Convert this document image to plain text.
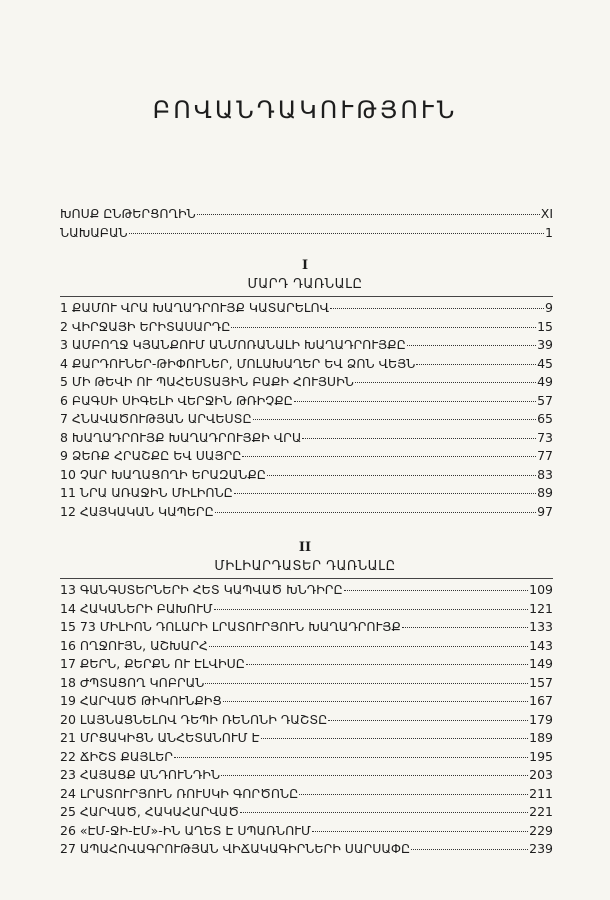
ԲՈՎԱՆԴԱԿՈՒԹՅՈՒՆ
ԽՈՍՔ ԸՆԹԵՐՑՈՂԻՆ	XI
ՆԱԽԱԲԱՆ	1
I
ՄԱՐԴ ԴԱՌՆԱԼԸ
1 ՔԱՄՈՒ ՎՐԱ ԽԱՂԱԴՐՈՒՅՔ ԿԱՏԱՐԵԼՈՎ	9
2 ՎԻՐՋԱՅԻ ԵՐԻՏԱՍԱՐԴԸ	15
3 ԱՄԲՈՂՋ ԿՅԱՆՔՈՒՄ ԱՆՄՈՌԱՆԱԼԻ ԽԱՂԱԴՐՈՒՅՔԸ	39
4 ՔԱՐԴՈՒՆԵՐ-ԹԻՓՈՒՆԵՐ, ՄՈԼԱԽԱՂԵՐ ԵՎ ՁՈՆ ՎԵՅՆ	45
5 ՄԻ ԹԵՎԻ ՈՒ ՊԱՀԵՍՏԱՅԻՆ ԲԱՔԻ ՀՈՒՅՍԻՆ	49
6 ԲԱԳՍԻ ՍԻԳԵԼԻ ՎԵՐՋԻՆ ԹՌԻՉՔԸ	57
7 ՀՆԱՎԱԾՈՒԹՅԱՆ ԱՐՎԵՍՏԸ	65
8 ԽԱՂԱԴՐՈՒՅՔ ԽԱՂԱԴՐՈՒՅՔԻ ՎՐԱ	73
9 ՁԵՌՔ ՀՐԱՇՔԸ ԵՎ ՍԱՅՐԸ	77
10 ՉԱՐ ԽԱՂԱՑՈՂԻ ԵՐԱԶԱՆՔԸ	83
11 ՆՐԱ ԱՌԱՋԻՆ ՄԻԼԻՈՆԸ	89
12 ՀԱՅԿԱԿԱՆ ԿԱՊԵՐԸ	97
II
ՄԻԼԻԱՐԴԱՏԵՐ ԴԱՌՆԱԼԸ
13 ԳԱՆԳՍՏԵՐՆԵՐԻ ՀԵՏ ԿԱՊՎԱԾ ԽՆԴԻՐԸ	109
14 ՀԱԿԱՆԵՐԻ ԲԱԽՈՒՄ	121
15 73 ՄԻԼԻՈՆ ԴՈԼԱՐԻ ԼՐԱՏՈՒՐՅՈՒՆ ԽԱՂԱԴՐՈՒՅՔ	133
16 ՈՂՋՈՒՅՆ, ԱՇԽԱՐՀ	143
17 ՔԵՐՆ, ՔԵՐՔՆ ՈՒ ԷԼՎԻՍԸ	149
18 ԺՊՏԱՑՈՂ ԿՈԲՐԱՆ	157
19 ՀԱՐՎԱԾ ԹԻԿՈՒՆՔԻՑ	167
20 ԼԱՅՆԱՑՆԵԼՈՎ ԴԵՊԻ ՌԵՆՈՆԻ ԴԱՇՏԸ	179
21 ՄՐՑԱԿԻՑՆ ԱՆՀԵՏԱՆՈՒՄ Է	189
22 ՃԻՇՏ ՔԱՅԼԵՐ	195
23 ՀԱՅԱՑՔ ԱՆԴՈՒՆԴԻՆ	203
24 ԼՐԱՏՈՒՐՅՈՒՆ ՌՈՒՍԿԻ ԳՈՐԾՈՆԸ	211
25 ՀԱՐՎԱԾ, ՀԱԿԱՀԱՐՎԱԾ	221
26 «ԷՄ-ՋԻ-ԷՄ»-ԻՆ ԱՂԵՏ Է ՍՊԱՌՆՈՒՄ	229
27 ԱՊԱՀՈՎԱԳՐՈՒԹՅԱՆ ՎԻՃԱԿԱԳԻՐՆԵՐԻ ՍԱՐՍԱՓԸ	239
